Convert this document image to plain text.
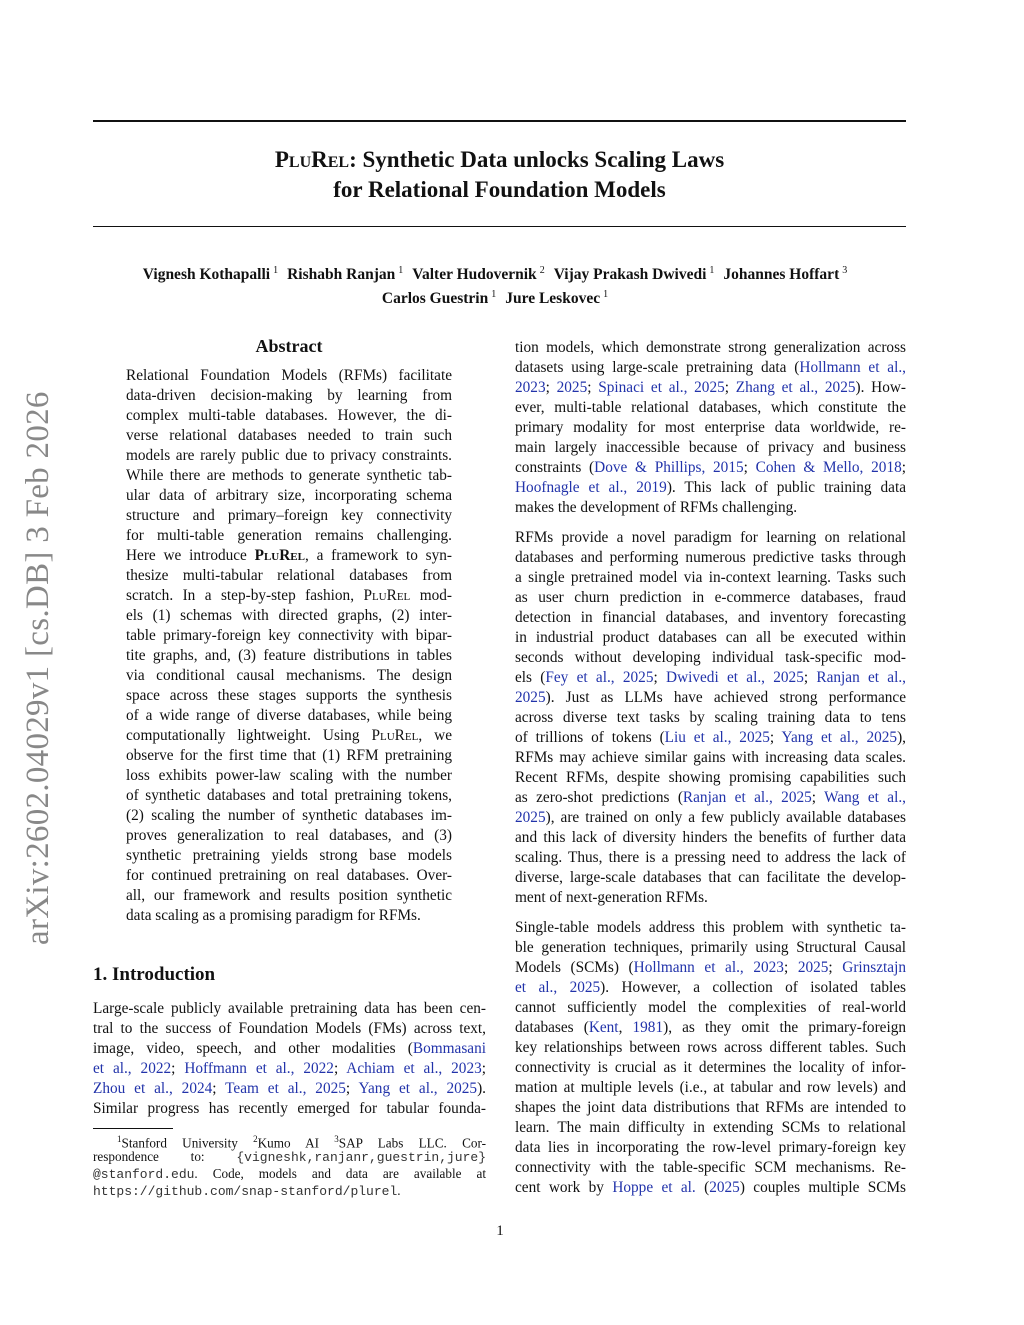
arXiv:2602.04029v1 [cs.DB] 3 Feb 2026
PluRel: Synthetic Data unlocks Scaling Laws
for Relational Foundation Models
Vignesh Kothapalli $^1$ Rishabh Ranjan $^1$ Valter Hudovernik $^2$ Vijay Prakash Dwivedi $^1$ Johannes Hoffart $^3$
Carlos Guestrin $^1$ Jure Leskovec $^1$
Abstract
Relational Foundation Models (RFMs) facilitate
data-driven decision-making by learning from
complex multi-table databases. However, the di-
verse relational databases needed to train such
models are rarely public due to privacy constraints.
While there are methods to generate synthetic tab-
ular data of arbitrary size, incorporating schema
structure and primary–foreign key connectivity
for multi-table generation remains challenging.
Here we introduce PluRel, a framework to syn-
thesize multi-tabular relational databases from
scratch. In a step-by-step fashion, PluRel mod-
els (1) schemas with directed graphs, (2) inter-
table primary-foreign key connectivity with bipar-
tite graphs, and, (3) feature distributions in tables
via conditional causal mechanisms. The design
space across these stages supports the synthesis
of a wide range of diverse databases, while being
computationally lightweight. Using PluRel, we
observe for the first time that (1) RFM pretraining
loss exhibits power-law scaling with the number
of synthetic databases and total pretraining tokens,
(2) scaling the number of synthetic databases im-
proves generalization to real databases, and (3)
synthetic pretraining yields strong base models
for continued pretraining on real databases. Over-
all, our framework and results position synthetic
data scaling as a promising paradigm for RFMs.
1. Introduction
Large-scale publicly available pretraining data has been cen-
tral to the success of Foundation Models (FMs) across text,
image, video, speech, and other modalities (Bommasani
et al., 2022; Hoffmann et al., 2022; Achiam et al., 2023;
Zhou et al., 2024; Team et al., 2025; Yang et al., 2025).
Similar progress has recently emerged for tabular founda-
tion models, which demonstrate strong generalization across
datasets using large-scale pretraining data (Hollmann et al.,
2023; 2025; Spinaci et al., 2025; Zhang et al., 2025). How-
ever, multi-table relational databases, which constitute the
primary modality for most enterprise data worldwide, re-
main largely inaccessible because of privacy and business
constraints (Dove & Phillips, 2015; Cohen & Mello, 2018;
Hoofnagle et al., 2019). This lack of public training data
makes the development of RFMs challenging.
RFMs provide a novel paradigm for learning on relational
databases and performing numerous predictive tasks through
a single pretrained model via in-context learning. Tasks such
as user churn prediction in e-commerce databases, fraud
detection in financial databases, and inventory forecasting
in industrial product databases can all be executed within
seconds without developing individual task-specific mod-
els (Fey et al., 2025; Dwivedi et al., 2025; Ranjan et al.,
2025). Just as LLMs have achieved strong performance
across diverse text tasks by scaling training data to tens
of trillions of tokens (Liu et al., 2025; Yang et al., 2025),
RFMs may achieve similar gains with increasing data scales.
Recent RFMs, despite showing promising capabilities such
as zero-shot predictions (Ranjan et al., 2025; Wang et al.,
2025), are trained on only a few publicly available databases
and this lack of diversity hinders the benefits of further data
scaling. Thus, there is a pressing need to address the lack of
diverse, large-scale databases that can facilitate the develop-
ment of next-generation RFMs.
Single-table models address this problem with synthetic ta-
ble generation techniques, primarily using Structural Causal
Models (SCMs) (Hollmann et al., 2023; 2025; Grinsztajn
et al., 2025). However, a collection of isolated tables
cannot sufficiently model the complexities of real-world
databases (Kent, 1981), as they omit the primary-foreign
key relationships between rows across different tables. Such
connectivity is crucial as it determines the locality of infor-
mation at multiple levels (i.e., at tabular and row levels) and
shapes the joint data distributions that RFMs are intended to
learn. The main difficulty in extending SCMs to relational
data lies in incorporating the row-level primary-foreign key
connectivity with the table-specific SCM mechanisms. Re-
cent work by Hoppe et al. (2025) couples multiple SCMs
$^1$Stanford University $^2$Kumo AI $^3$SAP Labs LLC. Cor-
respondence to: {vigneshk,ranjanr,guestrin,jure}
@stanford.edu. Code, models and data are available at
https://github.com/snap-stanford/plurel.
1
